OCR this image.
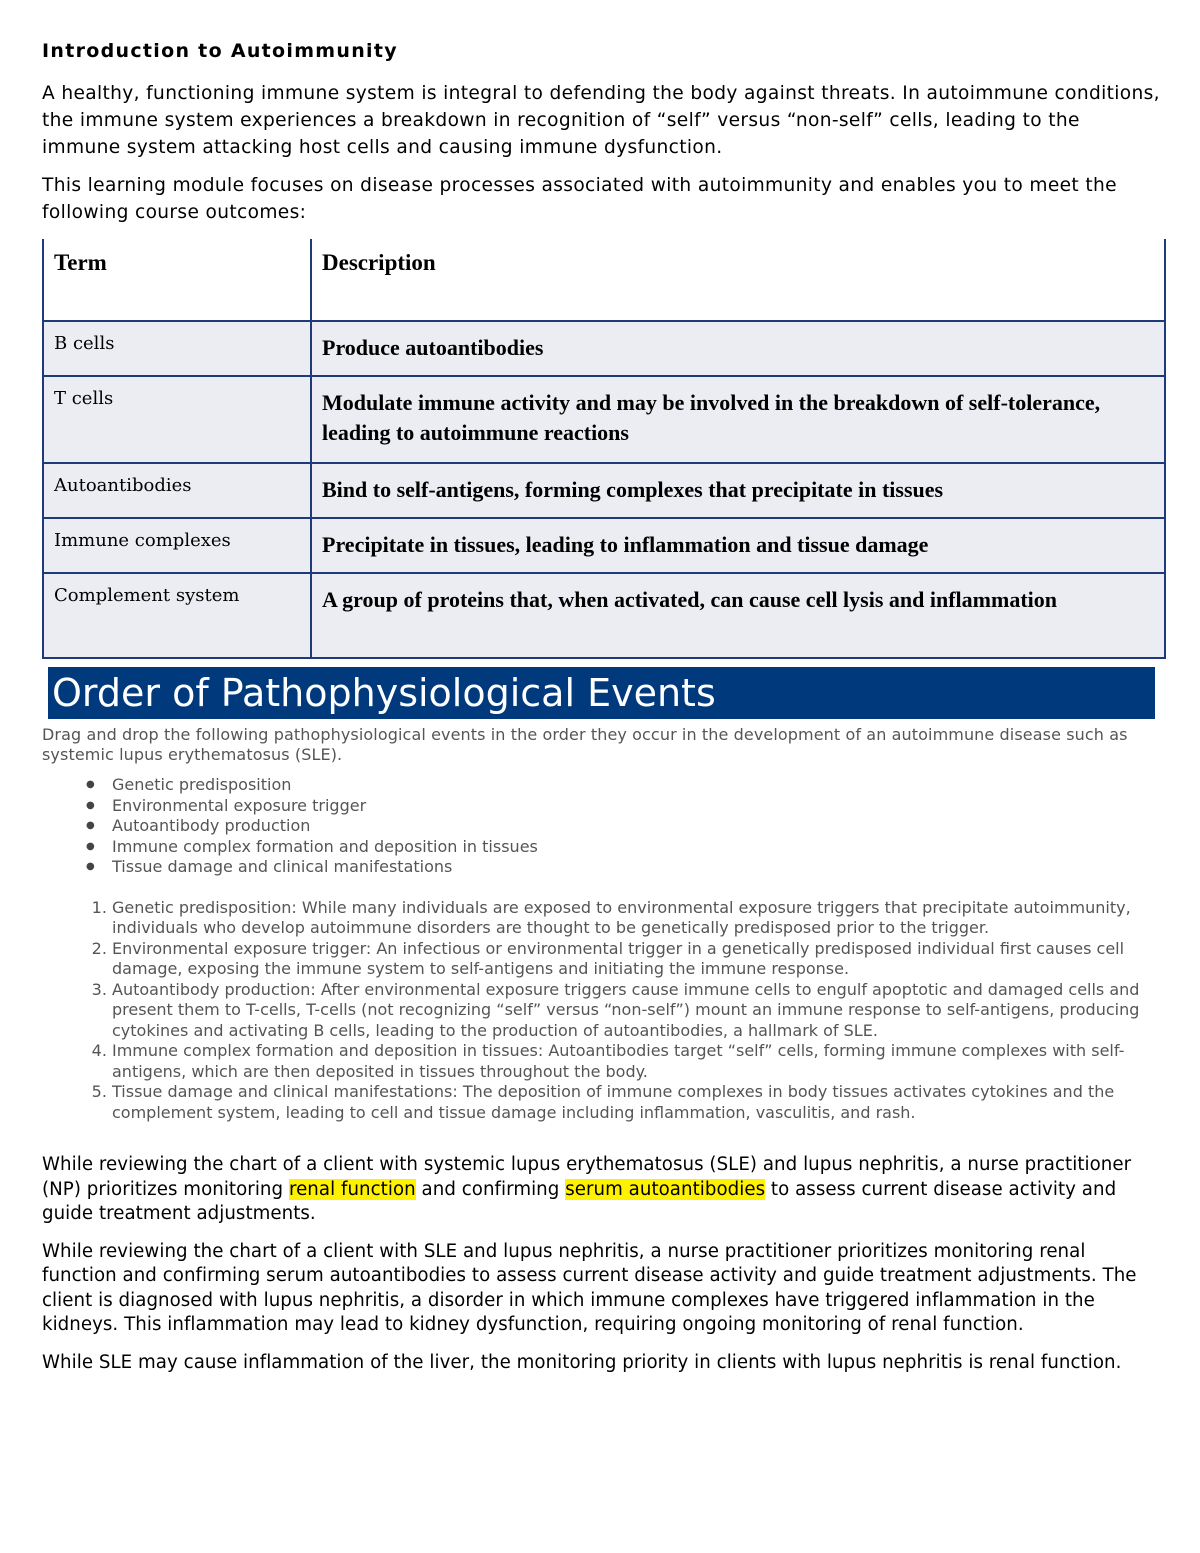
Introduction to Autoimmunity

A healthy, functioning immune system is integral to defending the body against threats. In autoimmune conditions, the immune system experiences a breakdown in recognition of “self” versus “non-self” cells, leading to the immune system attacking host cells and causing immune dysfunction.

This learning module focuses on disease processes associated with autoimmunity and enables you to meet the following course outcomes:

Term	Description
B cells	Produce autoantibodies
T cells	Modulate immune activity and may be involved in the breakdown of self-tolerance, leading to autoimmune reactions
Autoantibodies	Bind to self-antigens, forming complexes that precipitate in tissues
Immune complexes	Precipitate in tissues, leading to inflammation and tissue damage
Complement system	A group of proteins that, when activated, can cause cell lysis and inflammation
Order of Pathophysiological Events
Drag and drop the following pathophysiological events in the order they occur in the development of an autoimmune disease such as systemic lupus erythematosus (SLE).
● Genetic predisposition
● Environmental exposure trigger
● Autoantibody production
● Immune complex formation and deposition in tissues
● Tissue damage and clinical manifestations
1. Genetic predisposition: While many individuals are exposed to environmental exposure triggers that precipitate autoimmunity, individuals who develop autoimmune disorders are thought to be genetically predisposed prior to the trigger.
2. Environmental exposure trigger: An infectious or environmental trigger in a genetically predisposed individual first causes cell damage, exposing the immune system to self-antigens and initiating the immune response.
3. Autoantibody production: After environmental exposure triggers cause immune cells to engulf apoptotic and damaged cells and present them to T-cells, T-cells (not recognizing “self” versus “non-self”) mount an immune response to self-antigens, producing cytokines and activating B cells, leading to the production of autoantibodies, a hallmark of SLE.
4. Immune complex formation and deposition in tissues: Autoantibodies target “self” cells, forming immune complexes with self-antigens, which are then deposited in tissues throughout the body.
5. Tissue damage and clinical manifestations: The deposition of immune complexes in body tissues activates cytokines and the complement system, leading to cell and tissue damage including inflammation, vasculitis, and rash.

While reviewing the chart of a client with systemic lupus erythematosus (SLE) and lupus nephritis, a nurse practitioner (NP) prioritizes monitoring renal function and confirming serum autoantibodies to assess current disease activity and guide treatment adjustments.

While reviewing the chart of a client with SLE and lupus nephritis, a nurse practitioner prioritizes monitoring renal function and confirming serum autoantibodies to assess current disease activity and guide treatment adjustments. The client is diagnosed with lupus nephritis, a disorder in which immune complexes have triggered inflammation in the kidneys. This inflammation may lead to kidney dysfunction, requiring ongoing monitoring of renal function.

While SLE may cause inflammation of the liver, the monitoring priority in clients with lupus nephritis is renal function.
